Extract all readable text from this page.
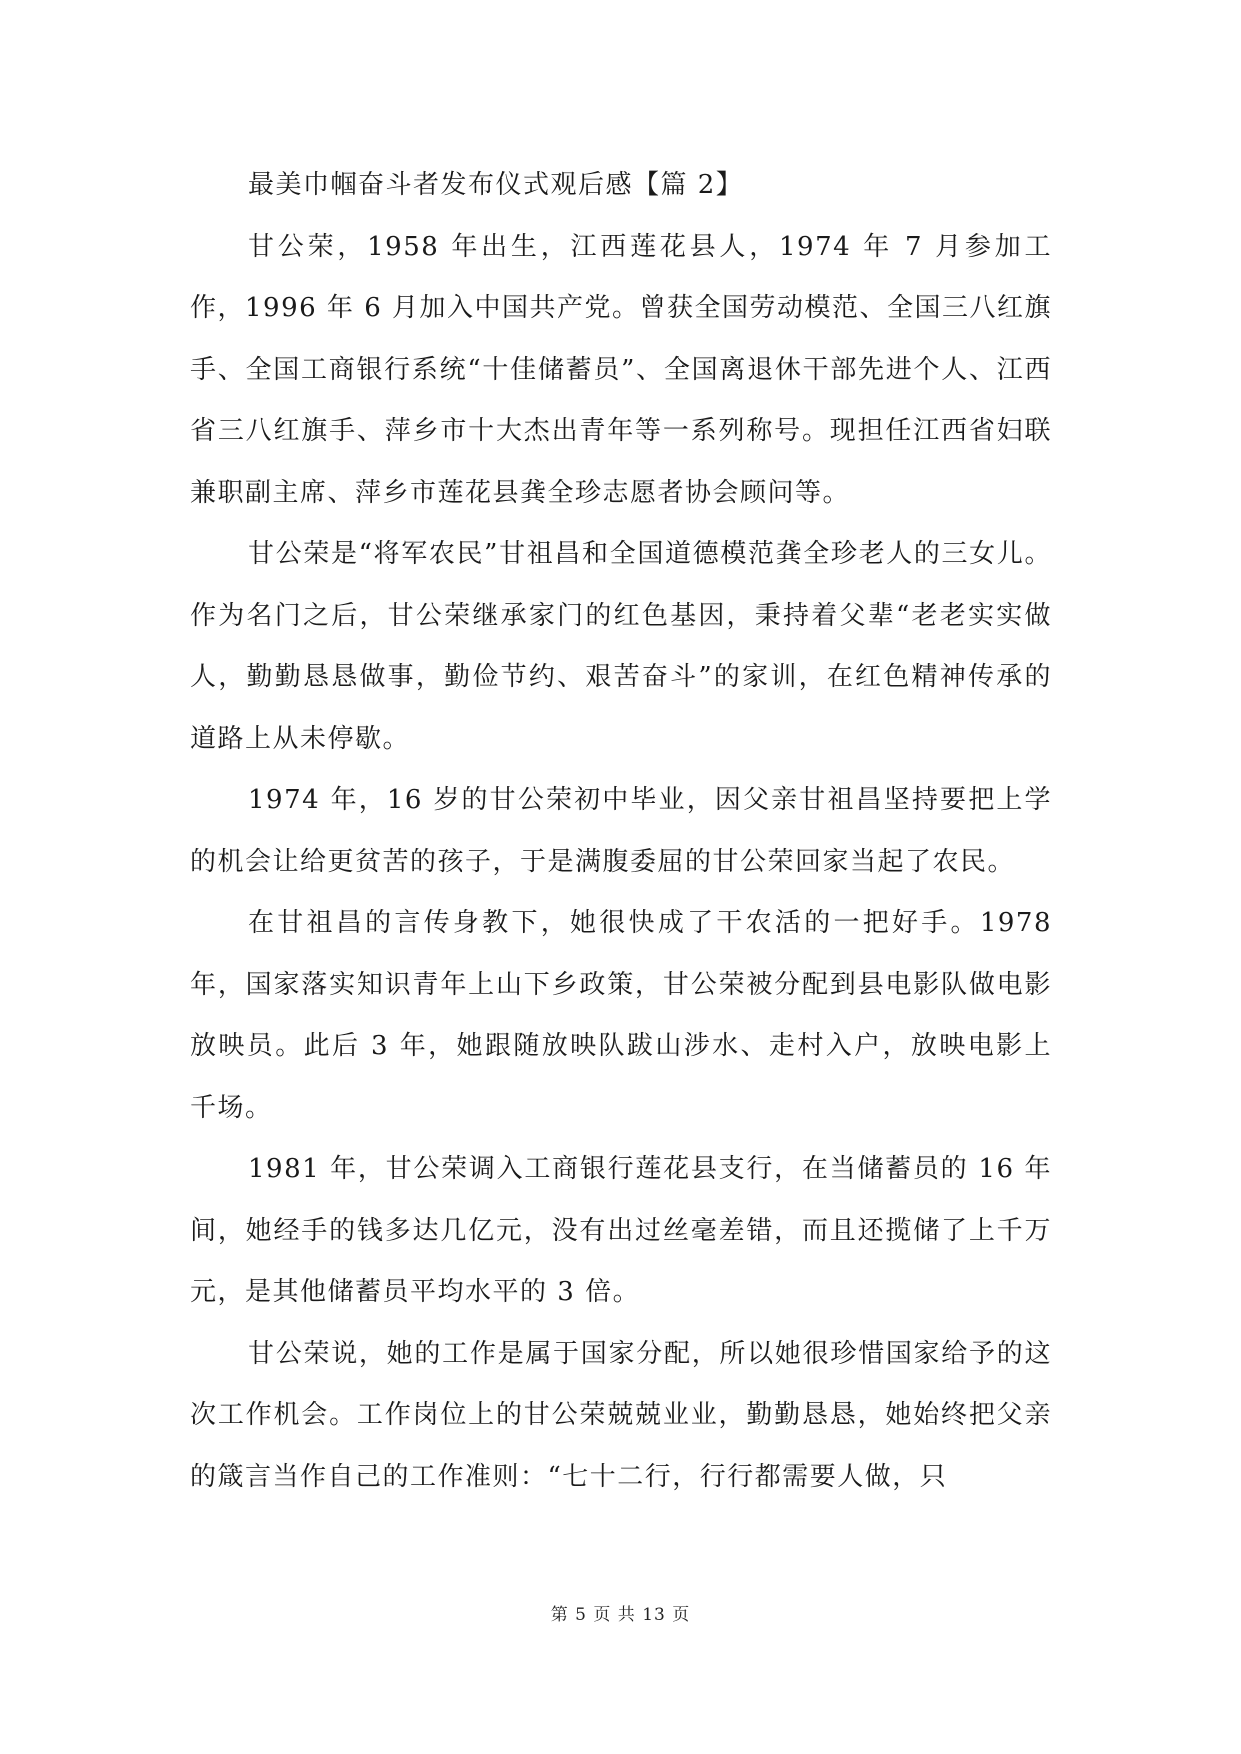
最美巾帼奋斗者发布仪式观后感【篇 2】

甘公荣，1958 年出生，江西莲花县人，1974 年 7 月参加工作，1996 年 6 月加入中国共产党。曾获全国劳动模范、全国三八红旗手、全国工商银行系统“十佳储蓄员”、全国离退休干部先进个人、江西省三八红旗手、萍乡市十大杰出青年等一系列称号。现担任江西省妇联兼职副主席、萍乡市莲花县龚全珍志愿者协会顾问等。

甘公荣是“将军农民”甘祖昌和全国道德模范龚全珍老人的三女儿。作为名门之后，甘公荣继承家门的红色基因，秉持着父辈“老老实实做人，勤勤恳恳做事，勤俭节约、艰苦奋斗”的家训，在红色精神传承的道路上从未停歇。

1974 年，16 岁的甘公荣初中毕业，因父亲甘祖昌坚持要把上学的机会让给更贫苦的孩子，于是满腹委屈的甘公荣回家当起了农民。

在甘祖昌的言传身教下，她很快成了干农活的一把好手。1978 年，国家落实知识青年上山下乡政策，甘公荣被分配到县电影队做电影放映员。此后 3 年，她跟随放映队跋山涉水、走村入户，放映电影上千场。

1981 年，甘公荣调入工商银行莲花县支行，在当储蓄员的 16 年间，她经手的钱多达几亿元，没有出过丝毫差错，而且还揽储了上千万元，是其他储蓄员平均水平的 3 倍。

甘公荣说，她的工作是属于国家分配，所以她很珍惜国家给予的这次工作机会。工作岗位上的甘公荣兢兢业业，勤勤恳恳，她始终把父亲的箴言当作自己的工作准则：“七十二行，行行都需要人做，只

第 5 页 共 13 页
